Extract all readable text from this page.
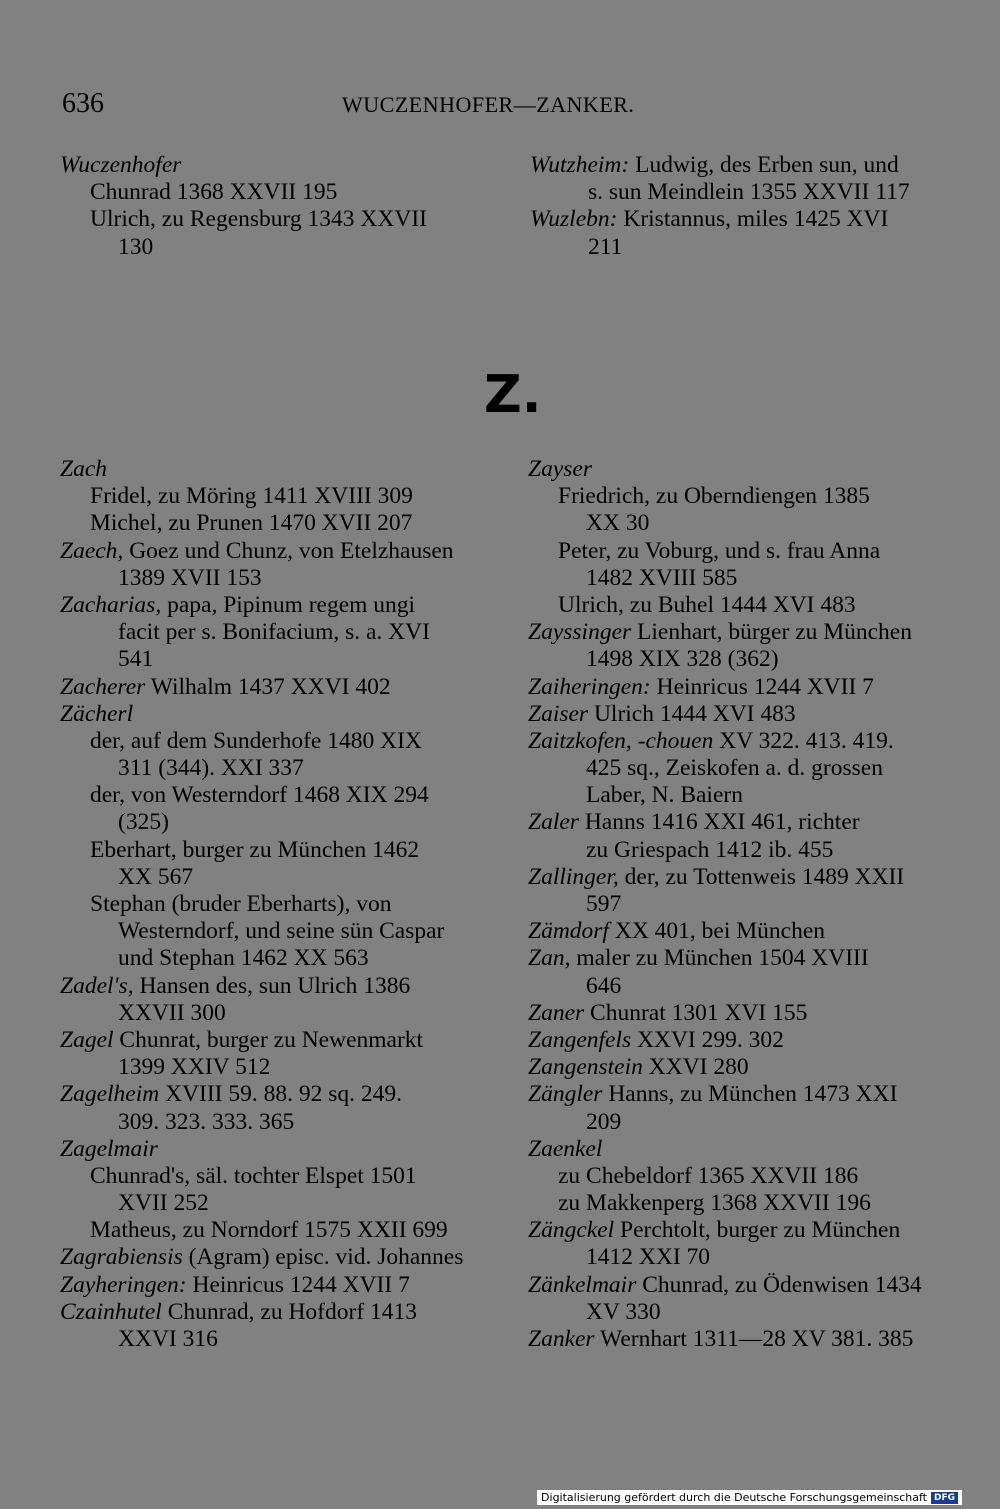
636	WUCZENHOFER—ZANKER.
Wuczenhofer
Chunrad 1368 XXVII 195
Ulrich, zu Regensburg 1343 XXVII
130
Wutzheim: Ludwig, des Erben sun, und
s. sun Meindlein 1355 XXVII 117
Wuzlebn: Kristannus, miles 1425 XVI
211
Z.
Zach
Fridel, zu Möring 1411 XVIII 309
Michel, zu Prunen 1470 XVII 207
Zaech, Goez und Chunz, von Etelzhausen
1389 XVII 153
Zacharias, papa, Pipinum regem ungi
facit per s. Bonifacium, s. a. XVI
541
Zacherer Wilhalm 1437 XXVI 402
Zächerl
der, auf dem Sunderhofe 1480 XIX
311 (344). XXI 337
der, von Westerndorf 1468 XIX 294
(325)
Eberhart, burger zu München 1462
XX 567
Stephan (bruder Eberharts), von
Westerndorf, und seine sün Caspar
und Stephan 1462 XX 563
Zadel's, Hansen des, sun Ulrich 1386
XXVII 300
Zagel Chunrat, burger zu Newenmarkt
1399 XXIV 512
Zagelheim XVIII 59. 88. 92 sq. 249.
309. 323. 333. 365
Zagelmair
Chunrad's, säl. tochter Elspet 1501
XVII 252
Matheus, zu Norndorf 1575 XXII 699
Zagrabiensis (Agram) episc. vid. Johannes
Zayheringen: Heinricus 1244 XVII 7
Czainhutel Chunrad, zu Hofdorf 1413
XXVI 316
Zayser
Friedrich, zu Oberndiengen 1385
XX 30
Peter, zu Voburg, und s. frau Anna
1482 XVIII 585
Ulrich, zu Buhel 1444 XVI 483
Zayssinger Lienhart, bürger zu München
1498 XIX 328 (362)
Zaiheringen: Heinricus 1244 XVII 7
Zaiser Ulrich 1444 XVI 483
Zaitzkofen, -chouen XV 322. 413. 419.
425 sq., Zeiskofen a. d. grossen
Laber, N. Baiern
Zaler Hanns 1416 XXI 461, richter
zu Griespach 1412 ib. 455
Zallinger, der, zu Tottenweis 1489 XXII
597
Zämdorf XX 401, bei München
Zan, maler zu München 1504 XVIII
646
Zaner Chunrat 1301 XVI 155
Zangenfels XXVI 299. 302
Zangenstein XXVI 280
Zängler Hanns, zu München 1473 XXI
209
Zaenkel
zu Chebeldorf 1365 XXVII 186
zu Makkenperg 1368 XXVII 196
Zängckel Perchtolt, burger zu München
1412 XXI 70
Zänkelmair Chunrad, zu Ödenwisen 1434
XV 330
Zanker Wernhart 1311—28 XV 381. 385
Digitalisierung gefördert durch die Deutsche Forschungsgemeinschaft DFG
